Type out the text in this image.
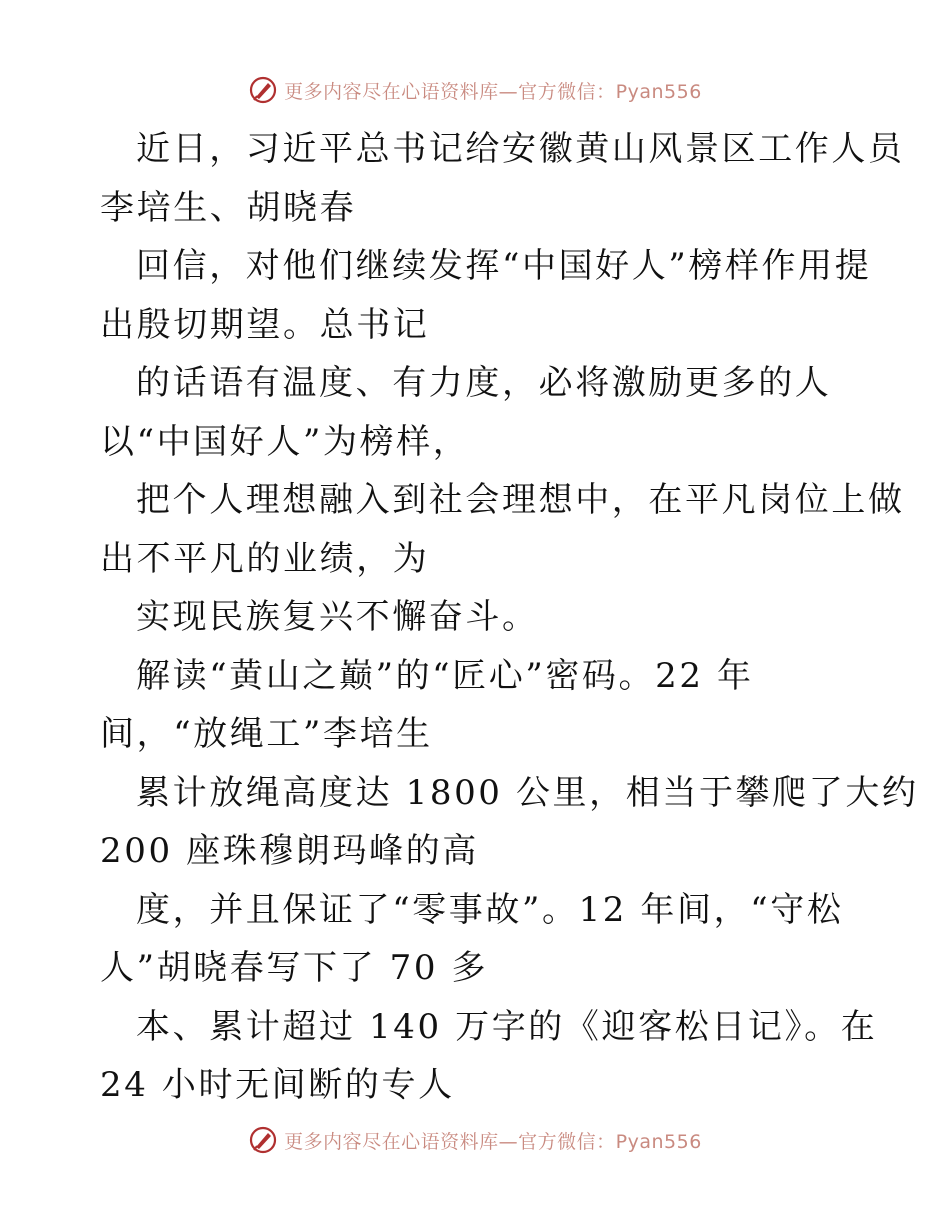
更多内容尽在心语资料库—官方微信：Pyan556
近日，习近平总书记给安徽黄山风景区工作人员
李培生、胡晓春
回信，对他们继续发挥“中国好人”榜样作用提
出殷切期望。总书记
的话语有温度、有力度，必将激励更多的人
以“中国好人”为榜样，
把个人理想融入到社会理想中，在平凡岗位上做
出不平凡的业绩，为
实现民族复兴不懈奋斗。
解读“黄山之巅”的“匠心”密码。22 年
间，“放绳工”李培生
累计放绳高度达 1800 公里，相当于攀爬了大约
200 座珠穆朗玛峰的高
度，并且保证了“零事故”。12 年间，“守松
人”胡晓春写下了 70 多
本、累计超过 140 万字的《迎客松日记》。在
24 小时无间断的专人
更多内容尽在心语资料库—官方微信：Pyan556
